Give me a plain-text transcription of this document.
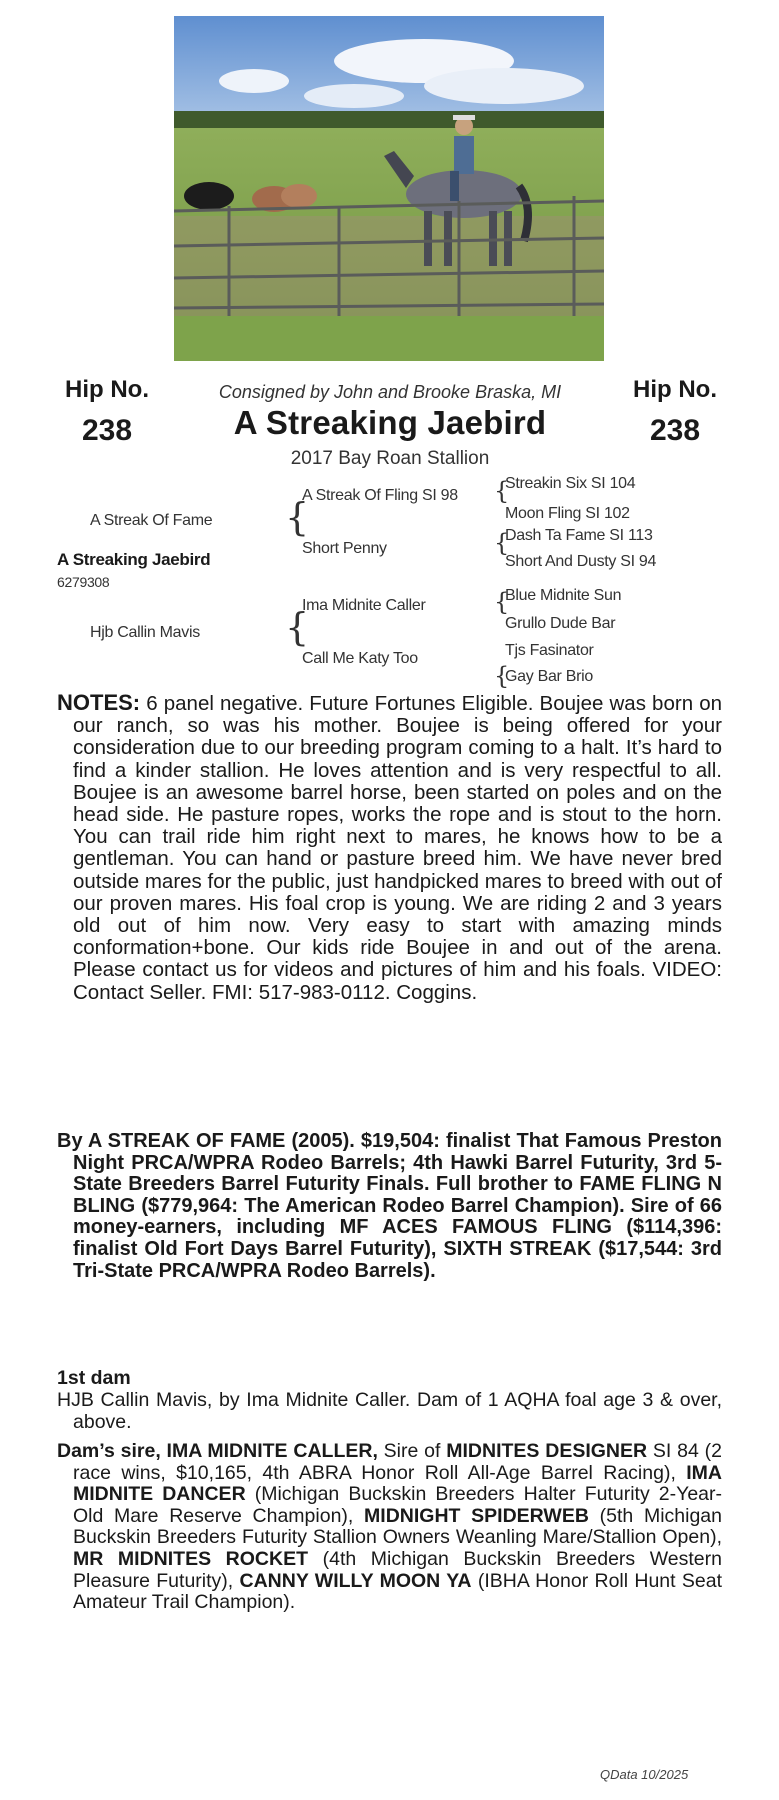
Hip No.
238
Hip No.
238
Consigned by John and Brooke Braska, MI
A Streaking Jaebird
2017 Bay Roan Stallion
A Streak Of Fame
A Streaking Jaebird
6279308
Hjb Callin Mavis
{
A Streak Of Fling SI 98
Short Penny
{
Ima Midnite Caller
Call Me Katy Too
{
Streakin Six SI 104
Moon Fling SI 102
{
Dash Ta Fame SI 113
Short And Dusty SI 94
{
Blue Midnite Sun
Grullo Dude Bar
{
Tjs Fasinator
Gay Bar Brio

NOTES: 6 panel negative. Future Fortunes Eligible. Boujee was born on our ranch, so was his mother. Boujee is being offered for your consideration due to our breeding program coming to a halt. It’s hard to find a kinder stallion. He loves attention and is very respectful to all. Boujee is an awesome barrel horse, been started on poles and on the head side. He pasture ropes, works the rope and is stout to the horn. You can trail ride him right next to mares, he knows how to be a gentleman. You can hand or pasture breed him. We have never bred outside mares for the public, just handpicked mares to breed with out of our proven mares. His foal crop is young. We are riding 2 and 3 years old out of him now. Very easy to start with amazing minds conformation+bone. Our kids ride Boujee in and out of the arena. Please contact us for videos and pictures of him and his foals. VIDEO: Contact Seller. FMI: 517-983-0112. Coggins.

By A STREAK OF FAME (2005). $19,504: finalist That Famous Preston Night PRCA/WPRA Rodeo Barrels; 4th Hawki Barrel Futurity, 3rd 5-State Breeders Barrel Futurity Finals. Full brother to FAME FLING N BLING ($779,964: The American Rodeo Barrel Champion). Sire of 66 money-earners, including MF ACES FAMOUS FLING ($114,396: finalist Old Fort Days Barrel Futurity), SIXTH STREAK ($17,544: 3rd Tri-State PRCA/WPRA Rodeo Barrels).

1st dam

HJB Callin Mavis, by Ima Midnite Caller. Dam of 1 AQHA foal age 3 & over, above.

Dam’s sire, IMA MIDNITE CALLER, Sire of MIDNITES DESIGNER SI 84 (2 race wins, $10,165, 4th ABRA Honor Roll All-Age Barrel Racing), IMA MIDNITE DANCER (Michigan Buckskin Breeders Halter Futurity 2-Year-Old Mare Reserve Champion), MIDNIGHT SPIDERWEB (5th Michigan Buckskin Breeders Futurity Stallion Owners Weanling Mare/Stallion Open), MR MIDNITES ROCKET (4th Michigan Buckskin Breeders Western Pleasure Futurity), CANNY WILLY MOON YA (IBHA Honor Roll Hunt Seat Amateur Trail Champion).

QData 10/2025
